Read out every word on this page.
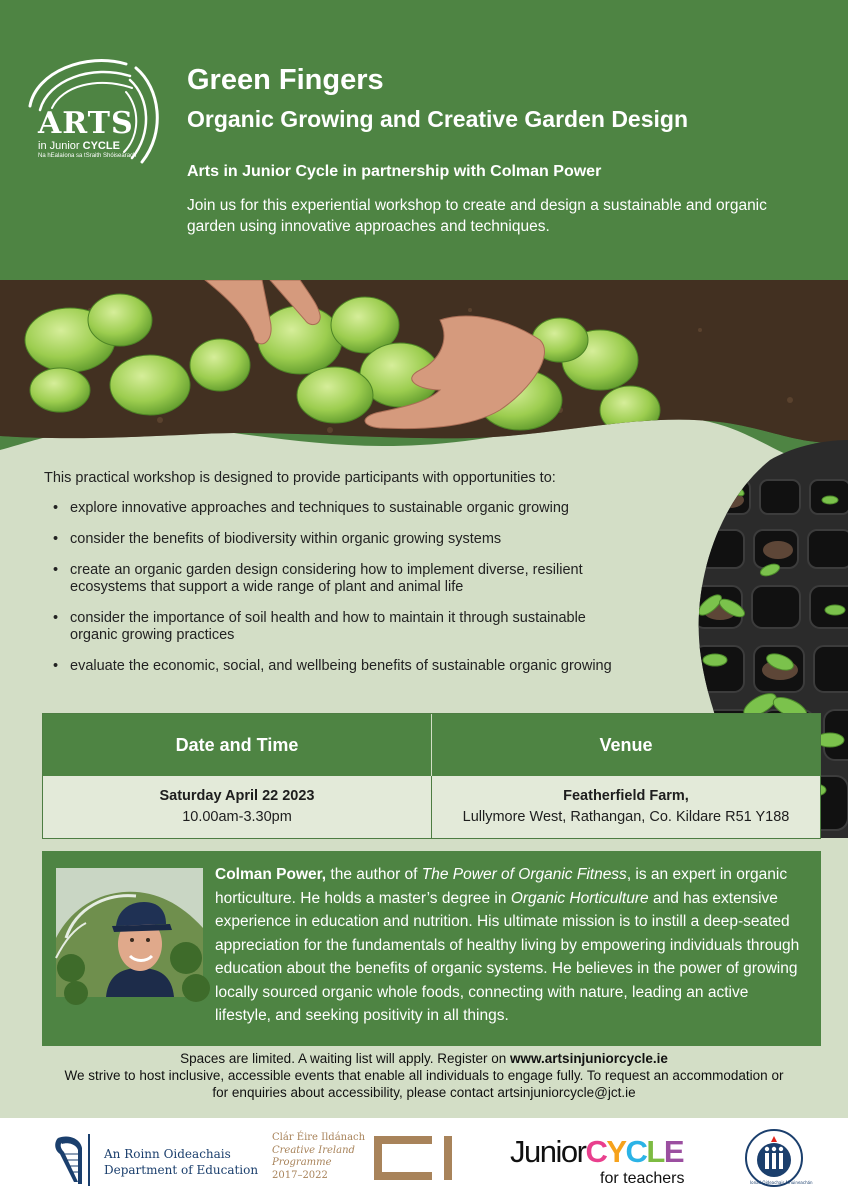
ARTS
in Junior CYCLE
Na hEalaíona sa tSraith Shóisearach
Green Fingers
Organic Growing and Creative Garden Design
Arts in Junior Cycle in partnership with Colman Power
Join us for this experiential workshop to create and design a sustainable and organic garden using innovative approaches and techniques.
This practical workshop is designed to provide participants with opportunities to:
• explore innovative approaches and techniques to sustainable organic growing
• consider the benefits of biodiversity within organic growing systems
• create an organic garden design considering how to implement diverse, resilient ecosystems that support a wide range of plant and animal life
• consider the importance of soil health and how to maintain it through sustainable organic growing practices
• evaluate the economic, social, and wellbeing benefits of sustainable organic growing
Date and Time	Venue
Saturday April 22 2023
10.00am-3.30pm
Featherfield Farm,
Lullymore West, Rathangan, Co. Kildare R51 Y188
Colman Power, the author of The Power of Organic Fitness, is an expert in organic horticulture. He holds a master’s degree in Organic Horticulture and has extensive experience in education and nutrition. His ultimate mission is to instill a deep-seated appreciation for the fundamentals of healthy living by empowering individuals through education about the benefits of organic systems. He believes in the power of growing locally sourced organic whole foods, connecting with nature, leading an active lifestyle, and seeking positivity in all things.
Spaces are limited. A waiting list will apply. Register on www.artsinjuniorcycle.ie
We strive to host inclusive, accessible events that enable all individuals to engage fully. To request an accommodation or
for enquiries about accessibility, please contact artsinjuniorcycle@jct.ie
An Roinn Oideachais
Department of Education
Clár Éire Ildánach
Creative Ireland
Programme
2017–2022
JuniorCYCLE
for teachers	Ionad Oideachais Mhuineachán
